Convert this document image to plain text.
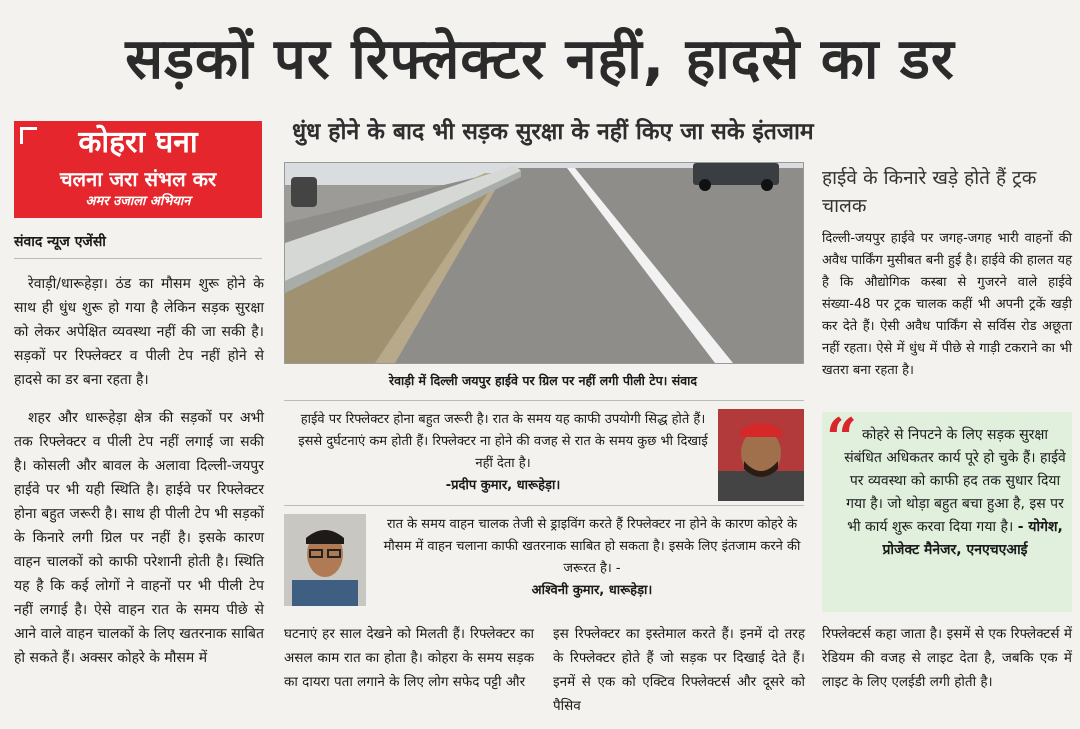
सड़कों पर रिफ्लेक्टर नहीं, हादसे का डर
धुंध होने के बाद भी सड़क सुरक्षा के नहीं किए जा सके इंतजाम
कोहरा घना
चलना जरा संभल कर
अमर उजाला अभियान
संवाद न्यूज एजेंसी

रेवाड़ी/धारूहेड़ा। ठंड का मौसम शुरू होने के साथ ही धुंध शुरू हो गया है लेकिन सड़क सुरक्षा को लेकर अपेक्षित व्यवस्था नहीं की जा सकी है। सड़कों पर रिफ्लेक्टर व पीली टेप नहीं होने से हादसे का डर बना रहता है।

शहर और धारूहेड़ा क्षेत्र की सड़कों पर अभी तक रिफ्लेक्टर व पीली टेप नहीं लगाई जा सकी है। कोसली और बावल के अलावा दिल्ली-जयपुर हाईवे पर भी यही स्थिति है। हाईवे पर रिफ्लेक्टर होना बहुत जरूरी है। साथ ही पीली टेप भी सड़कों के किनारे लगी ग्रिल पर नहीं है। इसके कारण वाहन चालकों को काफी परेशानी होती है। स्थिति यह है कि कई लोगों ने वाहनों पर भी पीली टेप नहीं लगाई है। ऐसे वाहन रात के समय पीछे से आने वाले वाहन चालकों के लिए खतरनाक साबित हो सकते हैं। अक्सर कोहरे के मौसम में

रेवाड़ी में दिल्ली जयपुर हाईवे पर ग्रिल पर नहीं लगी पीली टेप। संवाद
हाईवे के किनारे खड़े होते हैं ट्रक चालक
दिल्ली-जयपुर हाईवे पर जगह-जगह भारी वाहनों की अवैध पार्किंग मुसीबत बनी हुई है। हाईवे की हालत यह है कि औद्योगिक कस्बा से गुजरने वाले हाईवे संख्या-48 पर ट्रक चालक कहीं भी अपनी ट्रकें खड़ी कर देते हैं। ऐसी अवैध पार्किंग से सर्विस रोड अछूता नहीं रहता। ऐसे में धुंध में पीछे से गाड़ी टकराने का भी खतरा बना रहता है।
हाईवे पर रिफ्लेक्टर होना बहुत जरूरी है। रात के समय यह काफी उपयोगी सिद्ध होते हैं। इससे दुर्घटनाएं कम होती हैं। रिफ्लेक्टर ना होने की वजह से रात के समय कुछ भी दिखाई नहीं देता है।
-प्रदीप कुमार, धारूहेड़ा।
रात के समय वाहन चालक तेजी से ड्राइविंग करते हैं रिफ्लेक्टर ना होने के कारण कोहरे के मौसम में वाहन चलाना काफी खतरनाक साबित हो सकता है। इसके लिए इंतजाम करने की जरूरत है। -
अश्विनी कुमार, धारूहेड़ा।
“ कोहरे से निपटने के लिए सड़क सुरक्षा संबंधित अधिकतर कार्य पूरे हो चुके हैं। हाईवे पर व्यवस्था को काफी हद तक सुधार दिया गया है। जो थोड़ा बहुत बचा हुआ है, इस पर भी कार्य शुरू करवा दिया गया है। - योगेश, प्रोजेक्ट मैनेजर, एनएचएआई
घटनाएं हर साल देखने को मिलती हैं। रिफ्लेक्टर का असल काम रात का होता है। कोहरा के समय सड़क का दायरा पता लगाने के लिए लोग सफेद पट्टी और
इस रिफ्लेक्टर का इस्तेमाल करते हैं। इनमें दो तरह के रिफ्लेक्टर होते हैं जो सड़क पर दिखाई देते हैं। इनमें से एक को एक्टिव रिफ्लेक्टर्स और दूसरे को पैसिव
रिफ्लेक्टर्स कहा जाता है। इसमें से एक रिफ्लेक्टर्स में रेडियम की वजह से लाइट देता है, जबकि एक में लाइट के लिए एलईडी लगी होती है।
